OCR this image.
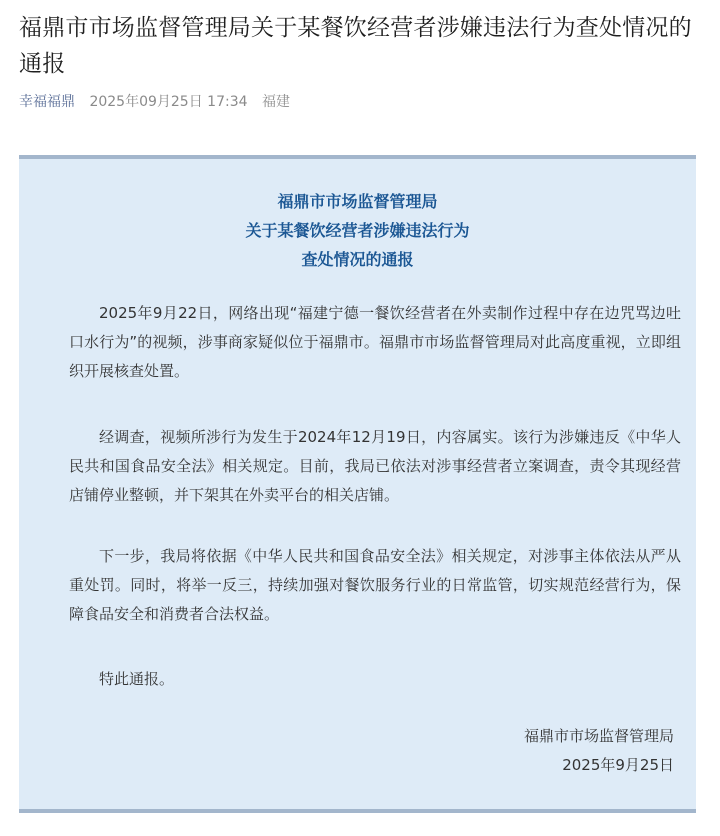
福鼎市市场监督管理局关于某餐饮经营者涉嫌违法行为查处情况的通报
幸福福鼎 2025年09月25日 17:34 福建
福鼎市市场监督管理局
关于某餐饮经营者涉嫌违法行为
查处情况的通报

2025年9月22日，网络出现“福建宁德一餐饮经营者在外卖制作过程中存在边咒骂边吐口水行为”的视频，涉事商家疑似位于福鼎市。福鼎市市场监督管理局对此高度重视，立即组织开展核查处置。

经调查，视频所涉行为发生于2024年12月19日，内容属实。该行为涉嫌违反《中华人民共和国食品安全法》相关规定。目前，我局已依法对涉事经营者立案调查，责令其现经营店铺停业整顿，并下架其在外卖平台的相关店铺。

下一步，我局将依据《中华人民共和国食品安全法》相关规定，对涉事主体依法从严从重处罚。同时，将举一反三，持续加强对餐饮服务行业的日常监管，切实规范经营行为，保障食品安全和消费者合法权益。

特此通报。

福鼎市市场监督管理局
2025年9月25日
